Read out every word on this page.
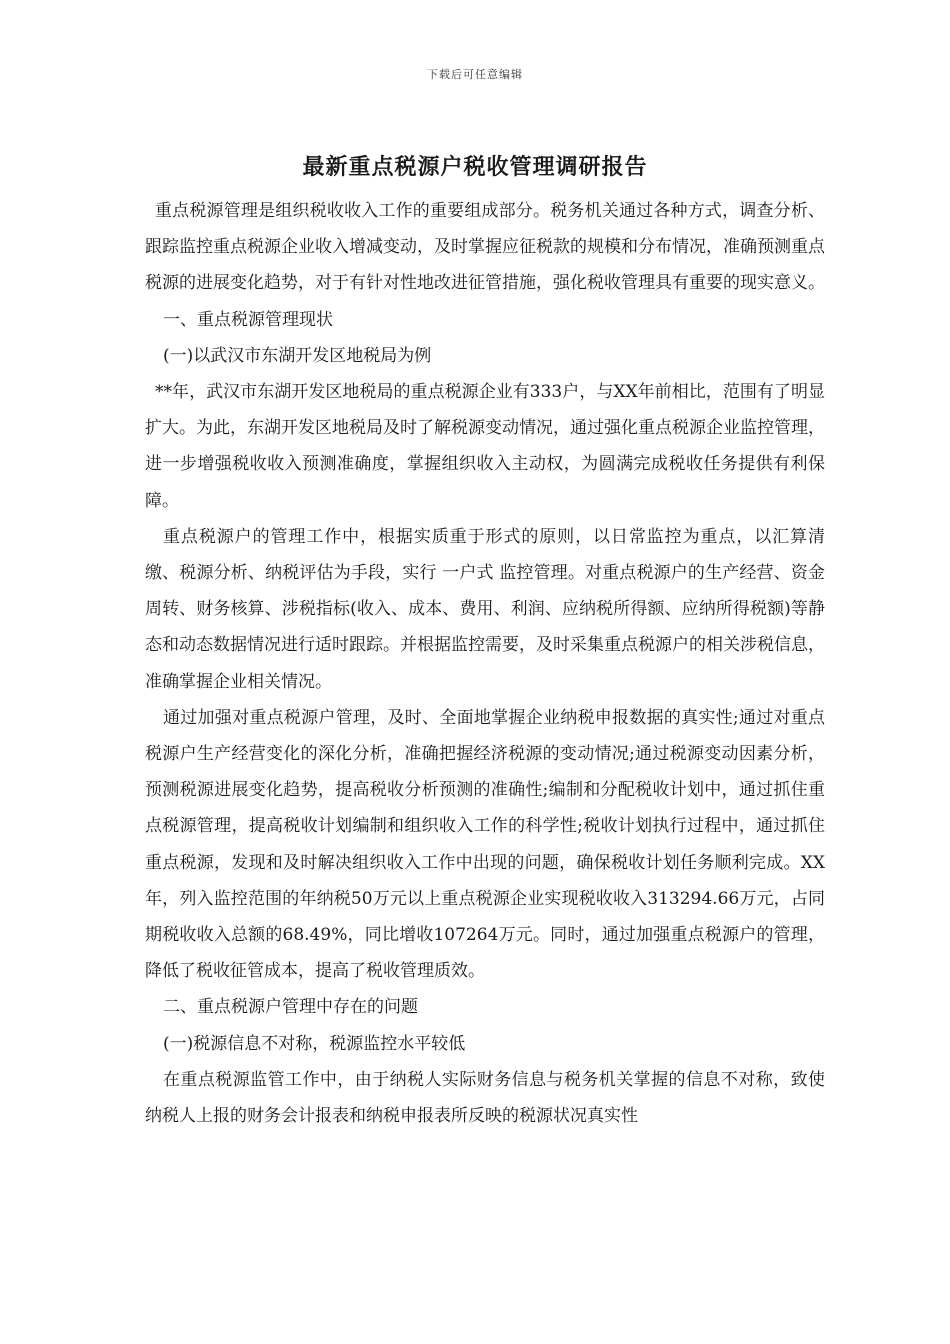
下载后可任意编辑
最新重点税源户税收管理调研报告

重点税源管理是组织税收收入工作的重要组成部分。税务机关通过各种方式，调查分析、跟踪监控重点税源企业收入增减变动，及时掌握应征税款的规模和分布情况，准确预测重点税源的进展变化趋势，对于有针对性地改进征管措施，强化税收管理具有重要的现实意义。

一、重点税源管理现状

(一)以武汉市东湖开发区地税局为例

**年，武汉市东湖开发区地税局的重点税源企业有333户，与XX年前相比，范围有了明显扩大。为此，东湖开发区地税局及时了解税源变动情况，通过强化重点税源企业监控管理，进一步增强税收收入预测准确度，掌握组织收入主动权，为圆满完成税收任务提供有利保障。

重点税源户的管理工作中，根据实质重于形式的原则，以日常监控为重点，以汇算清缴、税源分析、纳税评估为手段，实行 一户式 监控管理。对重点税源户的生产经营、资金周转、财务核算、涉税指标(收入、成本、费用、利润、应纳税所得额、应纳所得税额)等静态和动态数据情况进行适时跟踪。并根据监控需要，及时采集重点税源户的相关涉税信息，准确掌握企业相关情况。

通过加强对重点税源户管理，及时、全面地掌握企业纳税申报数据的真实性;通过对重点税源户生产经营变化的深化分析，准确把握经济税源的变动情况;通过税源变动因素分析，预测税源进展变化趋势，提高税收分析预测的准确性;编制和分配税收计划中，通过抓住重点税源管理，提高税收计划编制和组织收入工作的科学性;税收计划执行过程中，通过抓住重点税源，发现和及时解决组织收入工作中出现的问题，确保税收计划任务顺利完成。XX年，列入监控范围的年纳税50万元以上重点税源企业实现税收收入313294.66万元，占同期税收收入总额的68.49%，同比增收107264万元。同时，通过加强重点税源户的管理，降低了税收征管成本，提高了税收管理质效。

二、重点税源户管理中存在的问题

(一)税源信息不对称，税源监控水平较低

在重点税源监管工作中，由于纳税人实际财务信息与税务机关掌握的信息不对称，致使纳税人上报的财务会计报表和纳税申报表所反映的税源状况真实性
